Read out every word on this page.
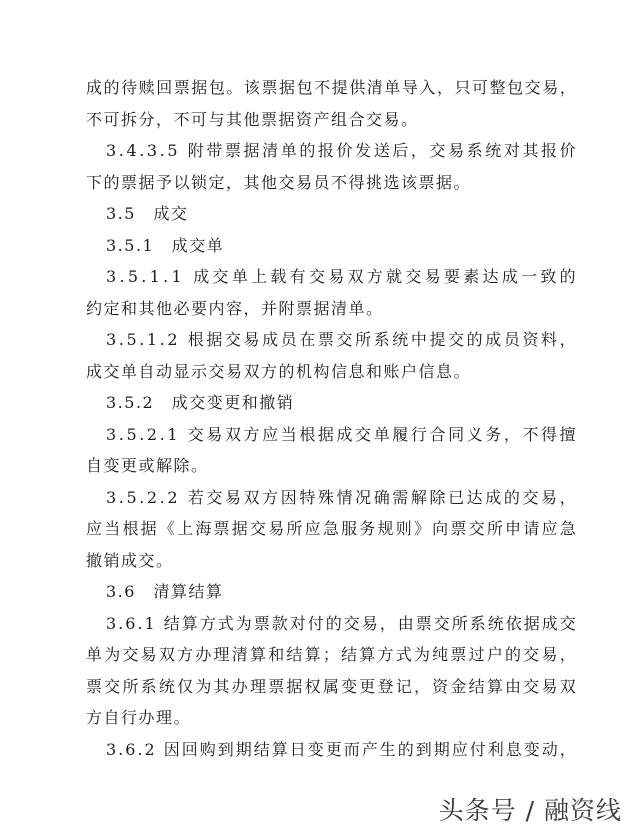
成 的 待 赎 回 票 据 包 。 该 票 据 包 不 提 供 清 单 导 入 ， 只 可 整 包 交 易 ，
不可拆分，不可与其他票据资产组合交易。
3 . 4 . 3 . 5
附 带 票 据 清 单 的 报 价 发 送 后 ， 交 易 系 统 对 其 报 价
下的票据予以锁定，其他交易员不得挑选该票据。
3.5　成交
3.5.1　成交单
3 . 5 . 1 . 1
成 交 单 上 载 有 交 易 双 方 就 交 易 要 素 达 成 一 致 的
约定和其他必要内容，并附票据清单。
3 . 5 . 1 . 2
根 据 交 易 成 员 在 票 交 所 系 统 中 提 交 的 成 员 资 料 ，
成交单自动显示交易双方的机构信息和账户信息。
3.5.2　成交变更和撤销
3 . 5 . 2 . 1
交 易 双 方 应 当 根 据 成 交 单 履 行 合 同 义 务 ， 不 得 擅
自变更或解除。
3 . 5 . 2 . 2
若 交 易 双 方 因 特 殊 情 况 确 需 解 除 已 达 成 的 交 易 ，
应 当 根 据 《 上 海 票 据 交 易 所 应 急 服 务 规 则 》 向 票 交 所 申 请 应 急
撤销成交。
3.6　清算结算
3 . 6 . 1
结 算 方 式 为 票 款 对 付 的 交 易 ， 由 票 交 所 系 统 依 据 成 交
单 为 交 易 双 方 办 理 清 算 和 结 算 ； 结 算 方 式 为 纯 票 过 户 的 交 易 ，
票 交 所 系 统 仅 为 其 办 理 票 据 权 属 变 更 登 记 ， 资 金 结 算 由 交 易 双
方自行办理。
3 . 6 . 2
因 回 购 到 期 结 算 日 变 更 而 产 生 的 到 期 应 付 利 息 变 动 ，
头条号 / 融资线
